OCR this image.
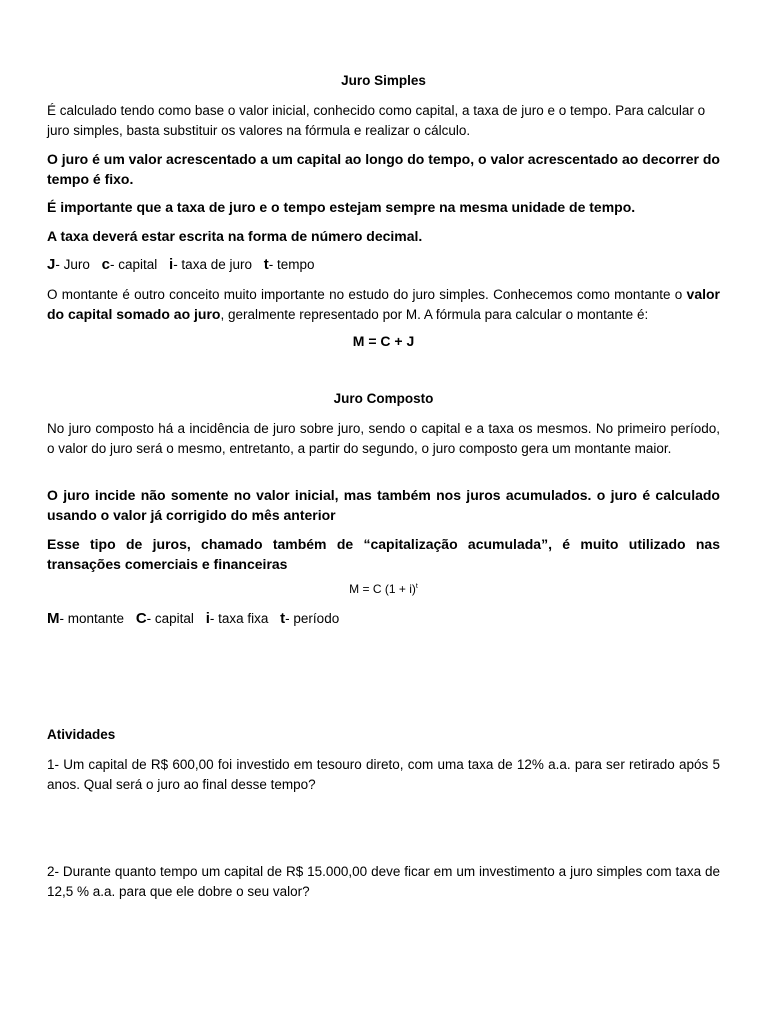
Juro Simples

É calculado tendo como base o valor inicial, conhecido como capital, a taxa de juro e o tempo. Para calcular o juro simples, basta substituir os valores na fórmula e realizar o cálculo.

O juro é um valor acrescentado a um capital ao longo do tempo, o valor acrescentado ao decorrer do tempo é fixo.

É importante que a taxa de juro e o tempo estejam sempre na mesma unidade de tempo.

A taxa deverá estar escrita na forma de número decimal.

J- Juro c- capital i- taxa de juro t- tempo

O montante é outro conceito muito importante no estudo do juro simples. Conhecemos como montante o valor do capital somado ao juro, geralmente representado por M. A fórmula para calcular o montante é:

M = C + J
Juro Composto

No juro composto há a incidência de juro sobre juro, sendo o capital e a taxa os mesmos. No primeiro período, o valor do juro será o mesmo, entretanto, a partir do segundo, o juro composto gera um montante maior.

O juro incide não somente no valor inicial, mas também nos juros acumulados. o juro é calculado usando o valor já corrigido do mês anterior

Esse tipo de juros, chamado também de “capitalização acumulada”, é muito utilizado nas transações comerciais e financeiras

M = C $(1 + i)^t$
M- montante C- capital i- taxa fixa t- período
Atividades

1- Um capital de R$ 600,00 foi investido em tesouro direto, com uma taxa de 12% a.a. para ser retirado após 5 anos. Qual será o juro ao final desse tempo?

2- Durante quanto tempo um capital de R$ 15.000,00 deve ficar em um investimento a juro simples com taxa de 12,5 % a.a. para que ele dobre o seu valor?
